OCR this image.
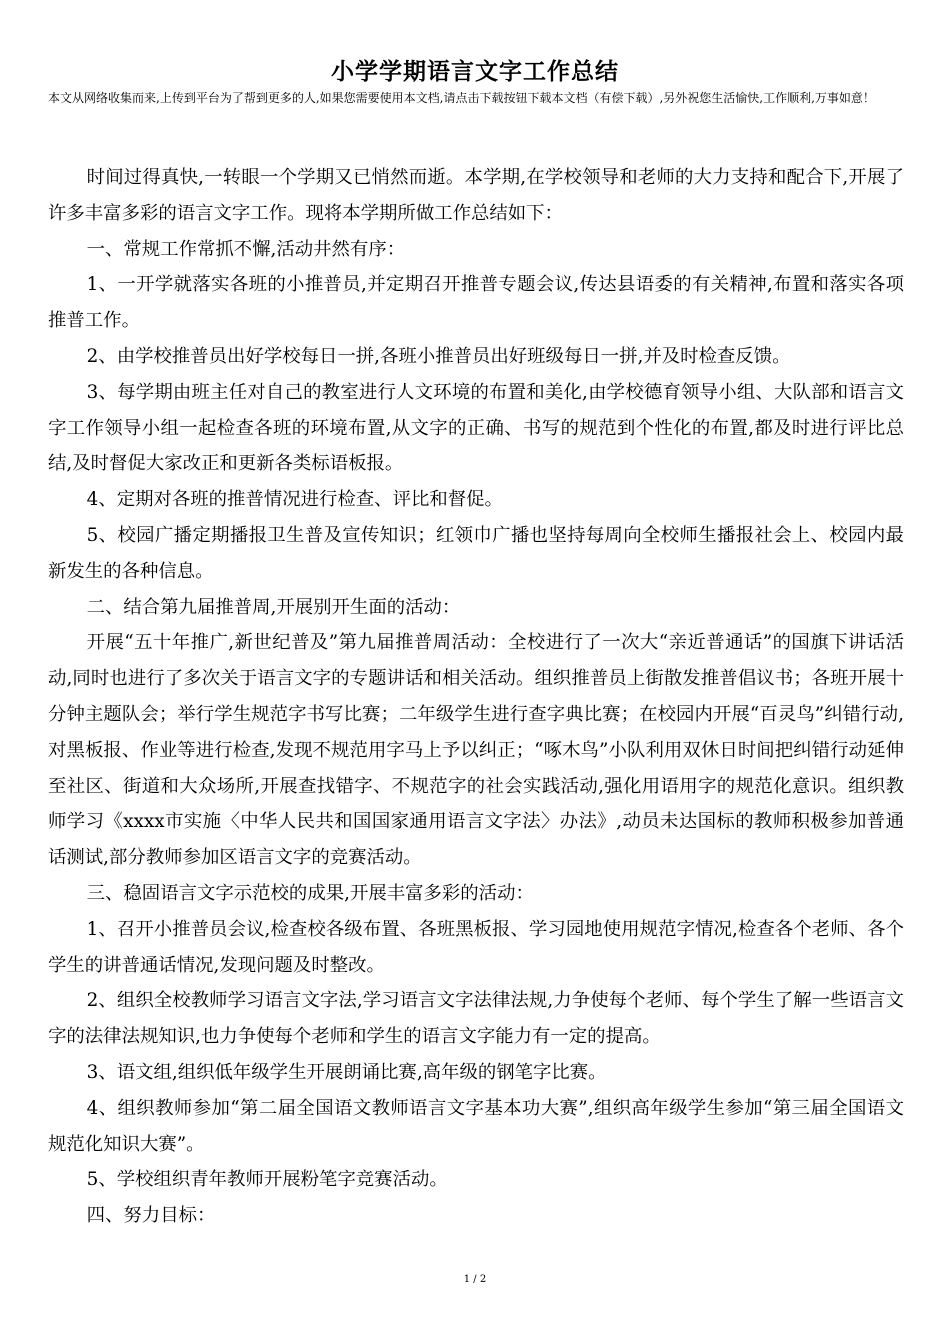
小学学期语言文字工作总结
本文从网络收集而来,上传到平台为了帮到更多的人,如果您需要使用本文档,请点击下载按钮下载本文档（有偿下载）,另外祝您生活愉快,工作顺利,万事如意！

时间过得真快,一转眼一个学期又已悄然而逝。本学期,在学校领导和老师的大力支持和配合下,开展了许多丰富多彩的语言文字工作。现将本学期所做工作总结如下：

一、常规工作常抓不懈,活动井然有序：

1、一开学就落实各班的小推普员,并定期召开推普专题会议,传达县语委的有关精神,布置和落实各项推普工作。

2、由学校推普员出好学校每日一拼,各班小推普员出好班级每日一拼,并及时检查反馈。

3、每学期由班主任对自己的教室进行人文环境的布置和美化,由学校德育领导小组、大队部和语言文字工作领导小组一起检查各班的环境布置,从文字的正确、书写的规范到个性化的布置,都及时进行评比总结,及时督促大家改正和更新各类标语板报。

4、定期对各班的推普情况进行检查、评比和督促。

5、校园广播定期播报卫生普及宣传知识；红领巾广播也坚持每周向全校师生播报社会上、校园内最新发生的各种信息。

二、结合第九届推普周,开展别开生面的活动：

开展“五十年推广,新世纪普及”第九届推普周活动：全校进行了一次大“亲近普通话”的国旗下讲话活动,同时也进行了多次关于语言文字的专题讲话和相关活动。组织推普员上街散发推普倡议书；各班开展十分钟主题队会；举行学生规范字书写比赛；二年级学生进行查字典比赛；在校园内开展“百灵鸟”纠错行动,对黑板报、作业等进行检查,发现不规范用字马上予以纠正；“啄木鸟”小队利用双休日时间把纠错行动延伸至社区、街道和大众场所,开展查找错字、不规范字的社会实践活动,强化用语用字的规范化意识。组织教师学习《xxxx市实施〈中华人民共和国国家通用语言文字法〉办法》,动员未达国标的教师积极参加普通话测试,部分教师参加区语言文字的竞赛活动。

三、稳固语言文字示范校的成果,开展丰富多彩的活动：

1、召开小推普员会议,检查校各级布置、各班黑板报、学习园地使用规范字情况,检查各个老师、各个学生的讲普通话情况,发现问题及时整改。

2、组织全校教师学习语言文字法,学习语言文字法律法规,力争使每个老师、每个学生了解一些语言文字的法律法规知识,也力争使每个老师和学生的语言文字能力有一定的提高。

3、语文组,组织低年级学生开展朗诵比赛,高年级的钢笔字比赛。

4、组织教师参加“第二届全国语文教师语言文字基本功大赛”,组织高年级学生参加“第三届全国语文规范化知识大赛”。

5、学校组织青年教师开展粉笔字竞赛活动。

四、努力目标：

1 / 2
